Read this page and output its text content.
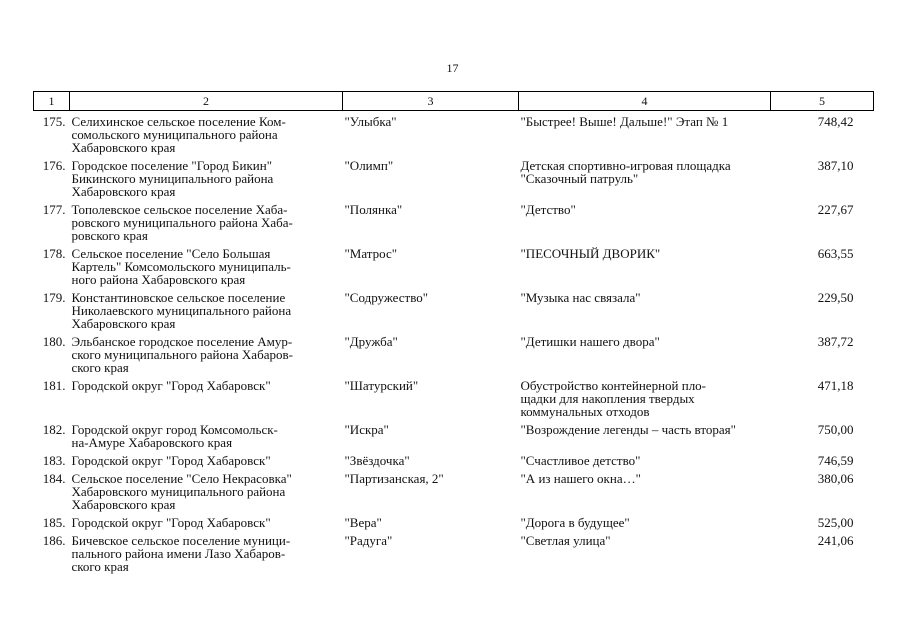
17
1	2	3	4	5
175.	Селихинское сельское поселение Ком-
сомольского муниципального района
Хабаровского края	"Улыбка"	"Быстрее! Выше! Дальше!" Этап № 1	748,42
176.	Городское поселение "Город Бикин"
Бикинского муниципального района
Хабаровского края	"Олимп"	Детская спортивно-игровая площадка
"Сказочный патруль"	387,10
177.	Тополевское сельское поселение Хаба-
ровского муниципального района Хаба-
ровского края	"Полянка"	"Детство"	227,67
178.	Сельское поселение "Село Большая
Картель" Комсомольского муниципаль-
ного района Хабаровского края	"Матрос"	"ПЕСОЧНЫЙ ДВОРИК"	663,55
179.	Константиновское сельское поселение
Николаевского муниципального района
Хабаровского края	"Содружество"	"Музыка нас связала"	229,50
180.	Эльбанское городское поселение Амур-
ского муниципального района Хабаров-
ского края	"Дружба"	"Детишки нашего двора"	387,72
181.	Городской округ "Город Хабаровск"	"Шатурский"	Обустройство контейнерной пло-
щадки для накопления твердых
коммунальных отходов	471,18
182.	Городской округ город Комсомольск-
на-Амуре Хабаровского края	"Искра"	"Возрождение легенды – часть вторая"	750,00
183.	Городской округ "Город Хабаровск"	"Звёздочка"	"Счастливое детство"	746,59
184.	Сельское поселение "Село Некрасовка"
Хабаровского муниципального района
Хабаровского края	"Партизанская, 2"	"А из нашего окна…"	380,06
185.	Городской округ "Город Хабаровск"	"Вера"	"Дорога в будущее"	525,00
186.	Бичевское сельское поселение муници-
пального района имени Лазо Хабаров-
ского края	"Радуга"	"Светлая улица"	241,06
